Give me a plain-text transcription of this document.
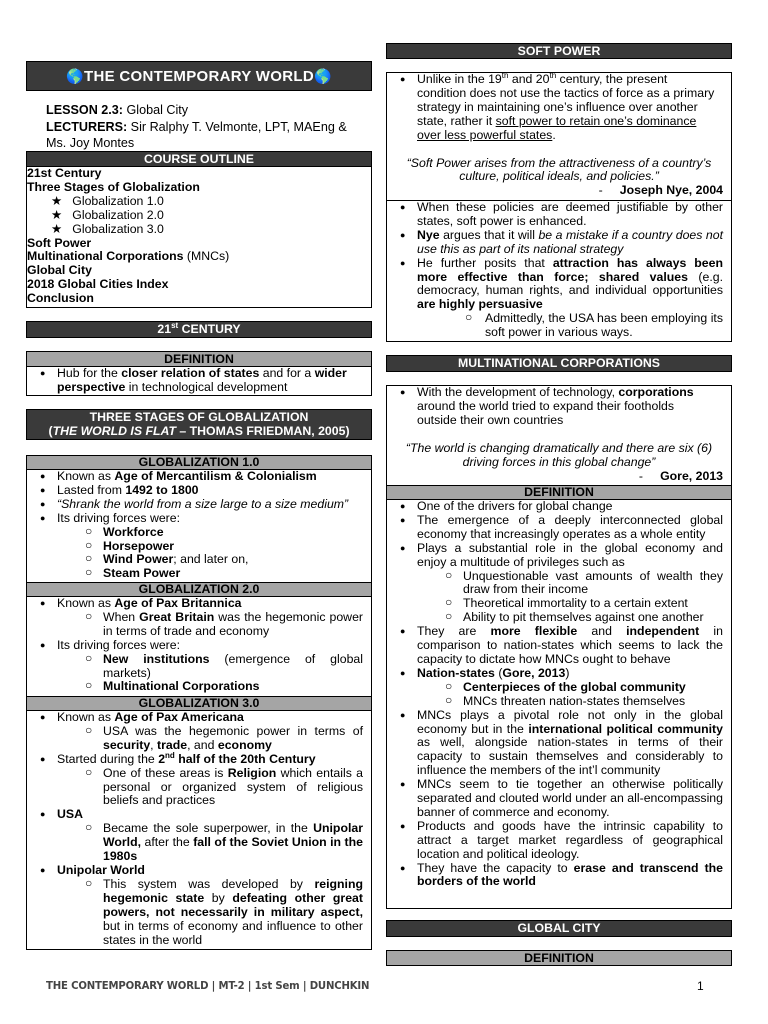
🌎THE CONTEMPORARY WORLD🌎
LESSON 2.3: Global City
LECTURERS: Sir Ralphy T. Velmonte, LPT, MAEng & Ms. Joy Montes
COURSE OUTLINE
21st Century
Three Stages of Globalization
★ Globalization 1.0
★ Globalization 2.0
★ Globalization 3.0
Soft Power
Multinational Corporations (MNCs)
Global City
2018 Global Cities Index
Conclusion
21st CENTURY
DEFINITION
● Hub for the closer relation of states and for a wider perspective in technological development
THREE STAGES OF GLOBALIZATION
(THE WORLD IS FLAT – THOMAS FRIEDMAN, 2005)
GLOBALIZATION 1.0
● Known as Age of Mercantilism & Colonialism
● Lasted from 1492 to 1800
● “Shrank the world from a size large to a size medium”
● Its driving forces were:
○ Workforce
○ Horsepower
○ Wind Power; and later on,
○ Steam Power
GLOBALIZATION 2.0
● Known as Age of Pax Britannica
○ When Great Britain was the hegemonic power in terms of trade and economy
● Its driving forces were:
○ New institutions (emergence of global markets)
○ Multinational Corporations
GLOBALIZATION 3.0
● Known as Age of Pax Americana
○ USA was the hegemonic power in terms of security, trade, and economy
● Started during the 2nd half of the 20th Century
○ One of these areas is Religion which entails a personal or organized system of religious beliefs and practices
● USA
○ Became the sole superpower, in the Unipolar World, after the fall of the Soviet Union in the 1980s
● Unipolar World
○ This system was developed by reigning hegemonic state by defeating other great powers, not necessarily in military aspect, but in terms of economy and influence to other states in the world
SOFT POWER
● Unlike in the 19th and 20th century, the present condition does not use the tactics of force as a primary strategy in maintaining one’s influence over another state, rather it soft power to retain one’s dominance over less powerful states.
“Soft Power arises from the attractiveness of a country’s culture, political ideals, and policies.”
- Joseph Nye, 2004
● When these policies are deemed justifiable by other states, soft power is enhanced.
● Nye argues that it will be a mistake if a country does not use this as part of its national strategy
● He further posits that attraction has always been more effective than force; shared values (e.g. democracy, human rights, and individual opportunities are highly persuasive
○ Admittedly, the USA has been employing its soft power in various ways.
MULTINATIONAL CORPORATIONS
● With the development of technology, corporations around the world tried to expand their footholds outside their own countries
“The world is changing dramatically and there are six (6) driving forces in this global change”
- Gore, 2013
DEFINITION
● One of the drivers for global change
● The emergence of a deeply interconnected global economy that increasingly operates as a whole entity
● Plays a substantial role in the global economy and enjoy a multitude of privileges such as
○ Unquestionable vast amounts of wealth they draw from their income
○ Theoretical immortality to a certain extent
○ Ability to pit themselves against one another
● They are more flexible and independent in comparison to nation-states which seems to lack the capacity to dictate how MNCs ought to behave
● Nation-states (Gore, 2013)
○ Centerpieces of the global community
○ MNCs threaten nation-states themselves
● MNCs plays a pivotal role not only in the global economy but in the international political community as well, alongside nation-states in terms of their capacity to sustain themselves and considerably to influence the members of the int’l community
● MNCs seem to tie together an otherwise politically separated and clouted world under an all-encompassing banner of commerce and economy.
● Products and goods have the intrinsic capability to attract a target market regardless of geographical location and political ideology.
● They have the capacity to erase and transcend the borders of the world
GLOBAL CITY
DEFINITION
THE CONTEMPORARY WORLD | MT-2 | 1st Sem | DUNCHKIN	1
